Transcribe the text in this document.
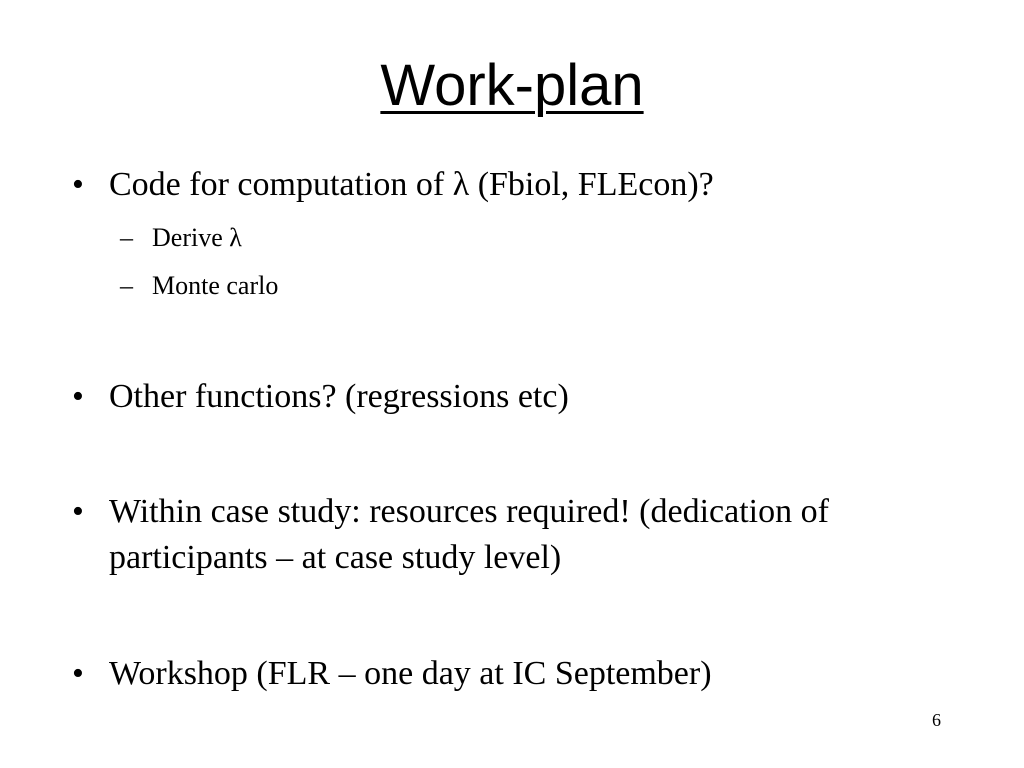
Work-plan
• Code for computation of λ (Fbiol, FLEcon)?
– Derive λ
– Monte carlo
• Other functions? (regressions etc)
• Within case study: resources required! (dedication of participants – at case study level)
• Workshop (FLR – one day at IC September)
6
